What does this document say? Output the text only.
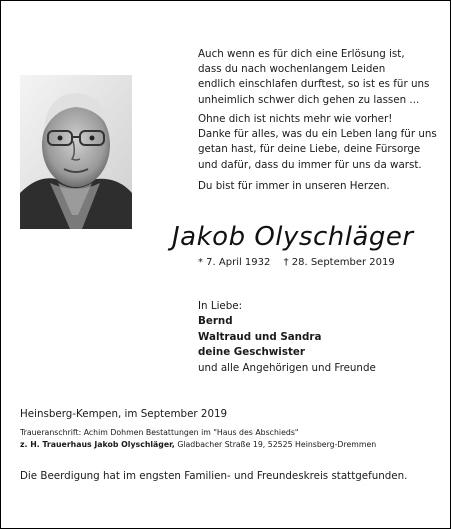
Auch wenn es für dich eine Erlösung ist,
dass du nach wochenlangem Leiden
endlich einschlafen durftest, so ist es für uns
unheimlich schwer dich gehen zu lassen ...
Ohne dich ist nichts mehr wie vorher!
Danke für alles, was du ein Leben lang für uns
getan hast, für deine Liebe, deine Fürsorge
und dafür, dass du immer für uns da warst.
Du bist für immer in unseren Herzen.
Jakob Olyschläger
* 7. April 1932 † 28. September 2019
In Liebe:
Bernd
Waltraud und Sandra
deine Geschwister
und alle Angehörigen und Freunde
Heinsberg-Kempen, im September 2019
Traueranschrift: Achim Dohmen Bestattungen im "Haus des Abschieds"
z. H. Trauerhaus Jakob Olyschläger, Gladbacher Straße 19, 52525 Heinsberg-Dremmen
Die Beerdigung hat im engsten Familien- und Freundeskreis stattgefunden.
